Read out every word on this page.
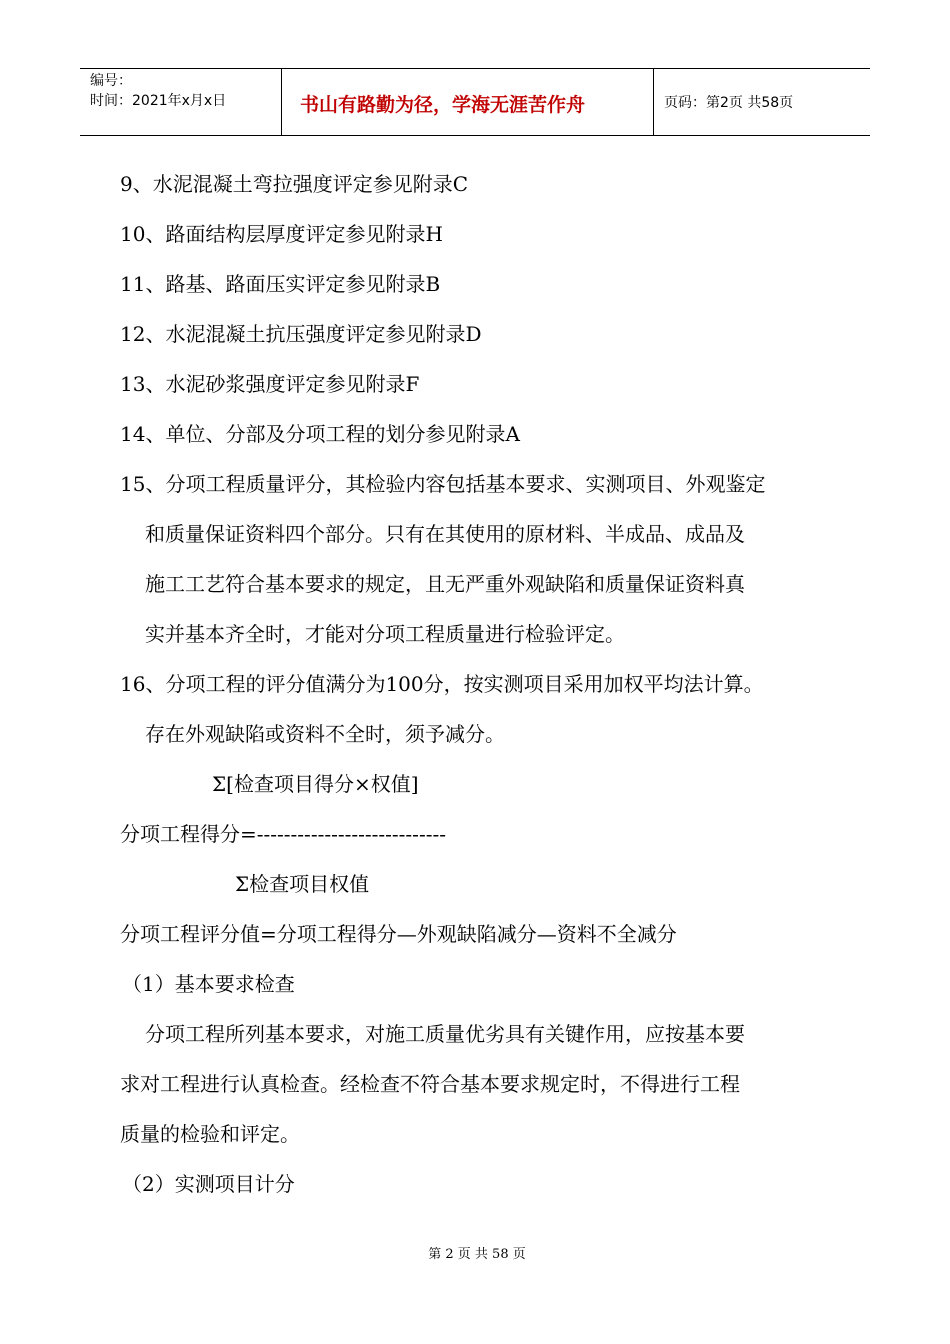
编号：
时间：2021年x月x日	书山有路勤为径，学海无涯苦作舟	页码：第2页 共58页
9、水泥混凝土弯拉强度评定参见附录C
10、路面结构层厚度评定参见附录H
11、路基、路面压实评定参见附录B
12、水泥混凝土抗压强度评定参见附录D
13、水泥砂浆强度评定参见附录F
14、单位、分部及分项工程的划分参见附录A
15、分项工程质量评分，其检验内容包括基本要求、实测项目、外观鉴定
和质量保证资料四个部分。只有在其使用的原材料、半成品、成品及
施工工艺符合基本要求的规定，且无严重外观缺陷和质量保证资料真
实并基本齐全时，才能对分项工程质量进行检验评定。
16、分项工程的评分值满分为100分，按实测项目采用加权平均法计算。
存在外观缺陷或资料不全时，须予减分。
Σ[检查项目得分×权值]
分项工程得分=----------------------------
Σ检查项目权值
分项工程评分值=分项工程得分—外观缺陷减分—资料不全减分
（1）基本要求检查
分项工程所列基本要求，对施工质量优劣具有关键作用，应按基本要
求对工程进行认真检查。经检查不符合基本要求规定时，不得进行工程
质量的检验和评定。
（2）实测项目计分
第 2 页 共 58 页
